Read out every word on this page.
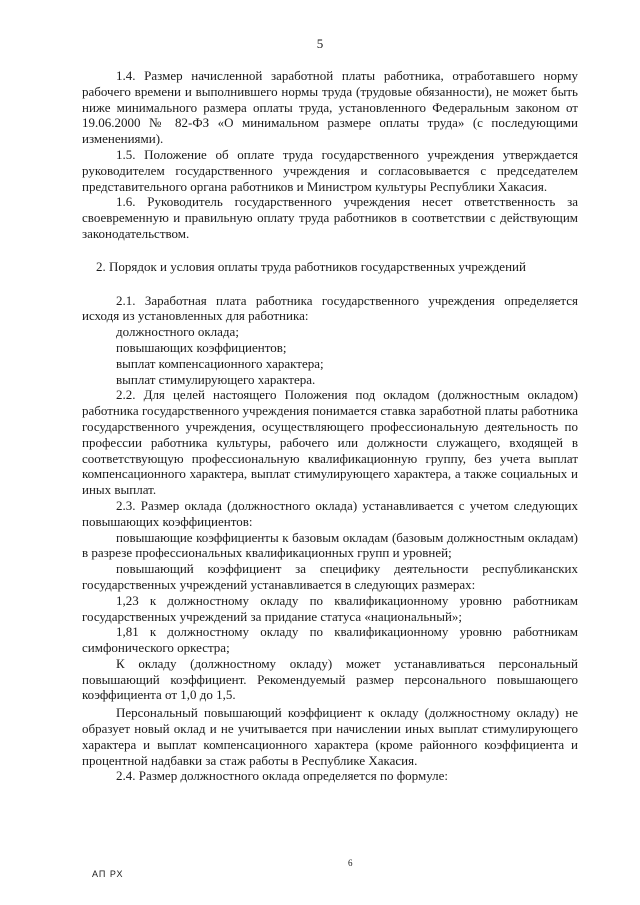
5

1.4. Размер начисленной заработной платы работника, отработавшего норму рабочего времени и выполнившего нормы труда (трудовые обязанности), не может быть ниже минимального размера оплаты труда, установленного Федеральным законом от 19.06.2000 № 82-ФЗ «О минимальном размере оплаты труда» (с последующими изменениями).

1.5. Положение об оплате труда государственного учреждения утверждается руководителем государственного учреждения и согласовывается с председателем представительного органа работников и Министром культуры Республики Хакасия.

1.6. Руководитель государственного учреждения несет ответственность за своевременную и правильную оплату труда работников в соответствии с действующим законодательством.

2. Порядок и условия оплаты труда работников государственных учреждений

2.1. Заработная плата работника государственного учреждения определяется исходя из установленных для работника:

должностного оклада;

повышающих коэффициентов;

выплат компенсационного характера;

выплат стимулирующего характера.

2.2. Для целей настоящего Положения под окладом (должностным окладом) работника государственного учреждения понимается ставка заработной платы работника государственного учреждения, осуществляющего профессиональную деятельность по профессии работника культуры, рабочего или должности служащего, входящей в соответствующую профессиональную квалификационную группу, без учета выплат компенсационного характера, выплат стимулирующего характера, а также социальных и иных выплат.

2.3. Размер оклада (должностного оклада) устанавливается с учетом следующих повышающих коэффициентов:

повышающие коэффициенты к базовым окладам (базовым должностным окладам) в разрезе профессиональных квалификационных групп и уровней;

повышающий коэффициент за специфику деятельности республиканских государственных учреждений устанавливается в следующих размерах:

1,23 к должностному окладу по квалификационному уровню работникам государственных учреждений за придание статуса «национальный»;

1,81 к должностному окладу по квалификационному уровню работникам симфонического оркестра;

К окладу (должностному окладу) может устанавливаться персональный повышающий коэффициент. Рекомендуемый размер персонального повышающего коэффициента от 1,0 до 1,5.

Персональный повышающий коэффициент к окладу (должностному окладу) не образует новый оклад и не учитывается при начислении иных выплат стимулирующего характера и выплат компенсационного характера (кроме районного коэффициента и процентной надбавки за стаж работы в Республике Хакасия.

2.4. Размер должностного оклада определяется по формуле:

6
АП РХ
